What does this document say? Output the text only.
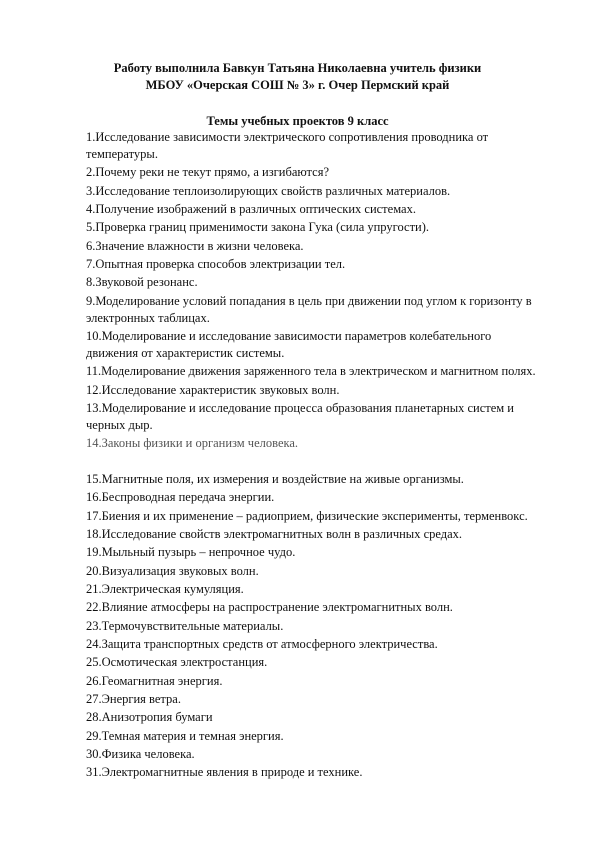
Работу выполнила Бавкун Татьяна Николаевна учитель физики
МБОУ «Очерская СОШ № 3» г. Очер Пермский край
Темы учебных проектов 9 класс
1.Исследование зависимости электрического сопротивления проводника от температуры.
2.Почему реки не текут прямо, а изгибаются?
3.Исследование теплоизолирующих свойств различных материалов.
4.Получение изображений в различных оптических системах.
5.Проверка границ применимости закона Гука (сила упругости).
6.Значение влажности в жизни человека.
7.Опытная проверка способов электризации тел.
8.Звуковой резонанс.
9.Моделирование условий попадания в цель при движении под углом к горизонту в электронных таблицах.
10.Моделирование и исследование зависимости параметров колебательного движения от характеристик системы.
11.Моделирование движения заряженного тела в электрическом и магнитном полях.
12.Исследование характеристик звуковых волн.
13.Моделирование и исследование процесса образования планетарных систем и черных дыр.
14.Законы физики и организм человека.
15.Магнитные поля, их измерения и воздействие на живые организмы.
16.Беспроводная передача энергии.
17.Биения и их применение – радиоприем, физические эксперименты, терменвокс.
18.Исследование свойств электромагнитных волн в различных средах.
19.Мыльный пузырь – непрочное чудо.
20.Визуализация звуковых волн.
21.Электрическая кумуляция.
22.Влияние атмосферы на распространение электромагнитных волн.
23.Термочувствительные материалы.
24.Защита транспортных средств от атмосферного электричества.
25.Осмотическая электростанция.
26.Геомагнитная энергия.
27.Энергия ветра.
28.Анизотропия бумаги
29.Темная материя и темная энергия.
30.Физика человека.
31.Электромагнитные явления в природе и технике.
